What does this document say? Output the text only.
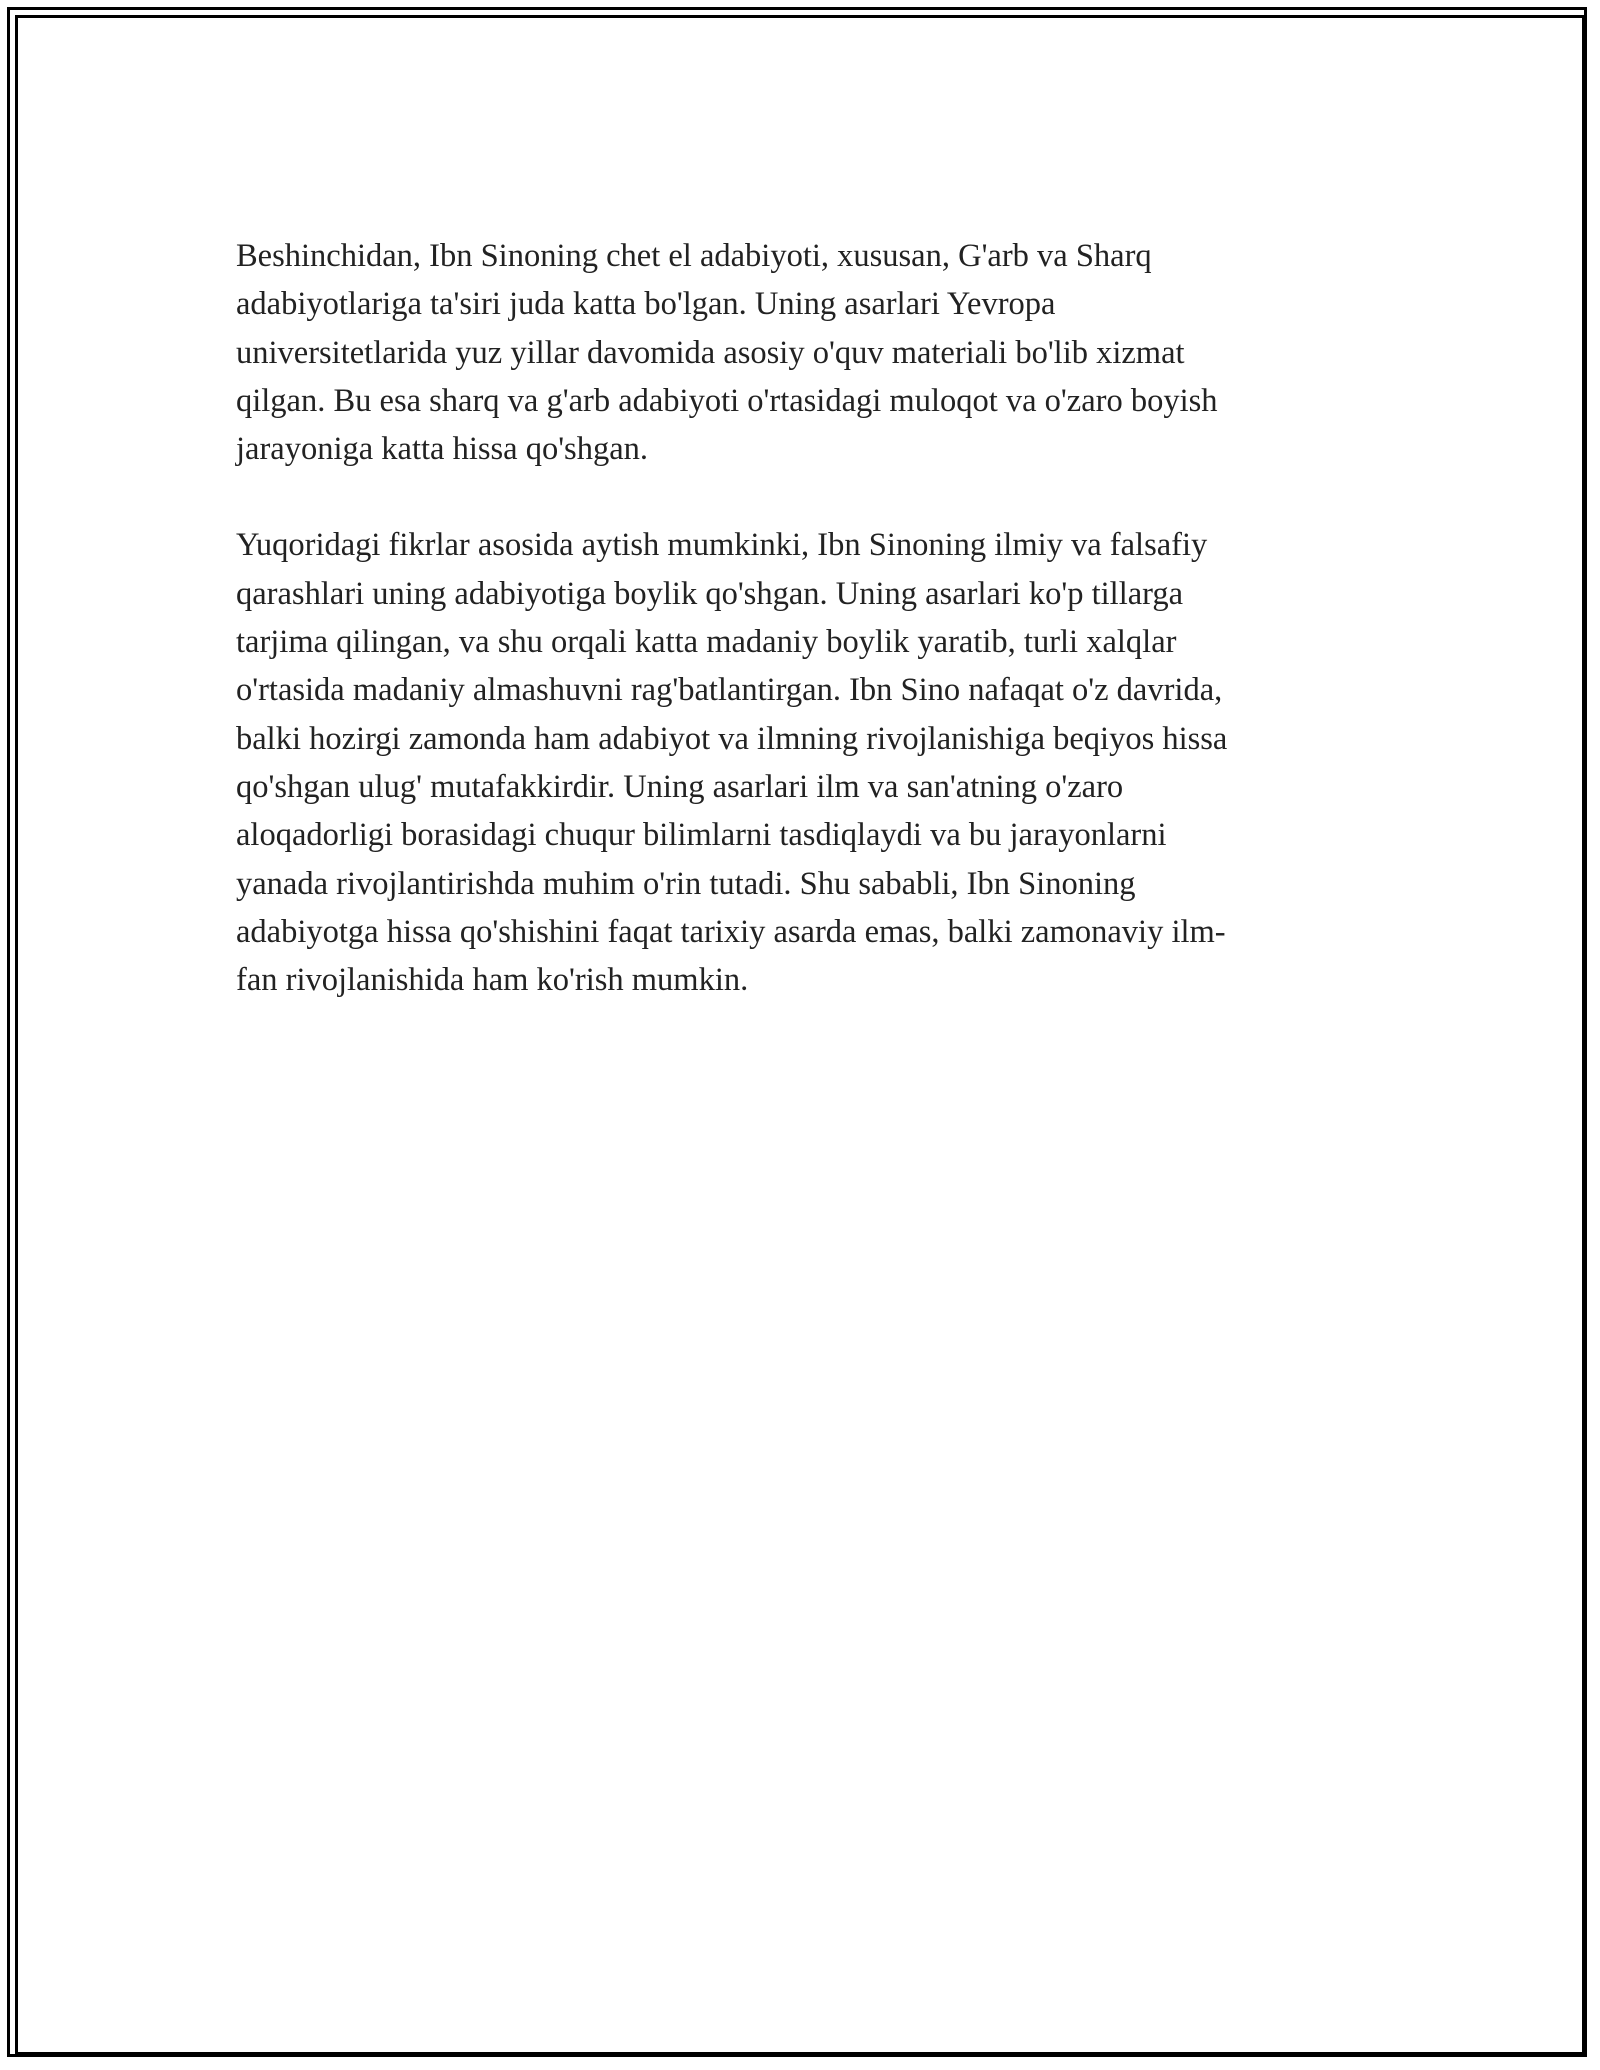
Beshinchidan, Ibn Sinoning chet el adabiyoti, xususan, G'arb va Sharq
adabiyotlariga ta'siri juda katta bo'lgan. Uning asarlari Yevropa
universitetlarida yuz yillar davomida asosiy o'quv materiali bo'lib xizmat
qilgan. Bu esa sharq va g'arb adabiyoti o'rtasidagi muloqot va o'zaro boyish
jarayoniga katta hissa qo'shgan.

Yuqoridagi fikrlar asosida aytish mumkinki, Ibn Sinoning ilmiy va falsafiy
qarashlari uning adabiyotiga boylik qo'shgan. Uning asarlari ko'p tillarga
tarjima qilingan, va shu orqali katta madaniy boylik yaratib, turli xalqlar
o'rtasida madaniy almashuvni rag'batlantirgan. Ibn Sino nafaqat o'z davrida,
balki hozirgi zamonda ham adabiyot va ilmning rivojlanishiga beqiyos hissa
qo'shgan ulug' mutafakkirdir. Uning asarlari ilm va san'atning o'zaro
aloqadorligi borasidagi chuqur bilimlarni tasdiqlaydi va bu jarayonlarni
yanada rivojlantirishda muhim o'rin tutadi. Shu sababli, Ibn Sinoning
adabiyotga hissa qo'shishini faqat tarixiy asarda emas, balki zamonaviy ilm-
fan rivojlanishida ham ko'rish mumkin.
